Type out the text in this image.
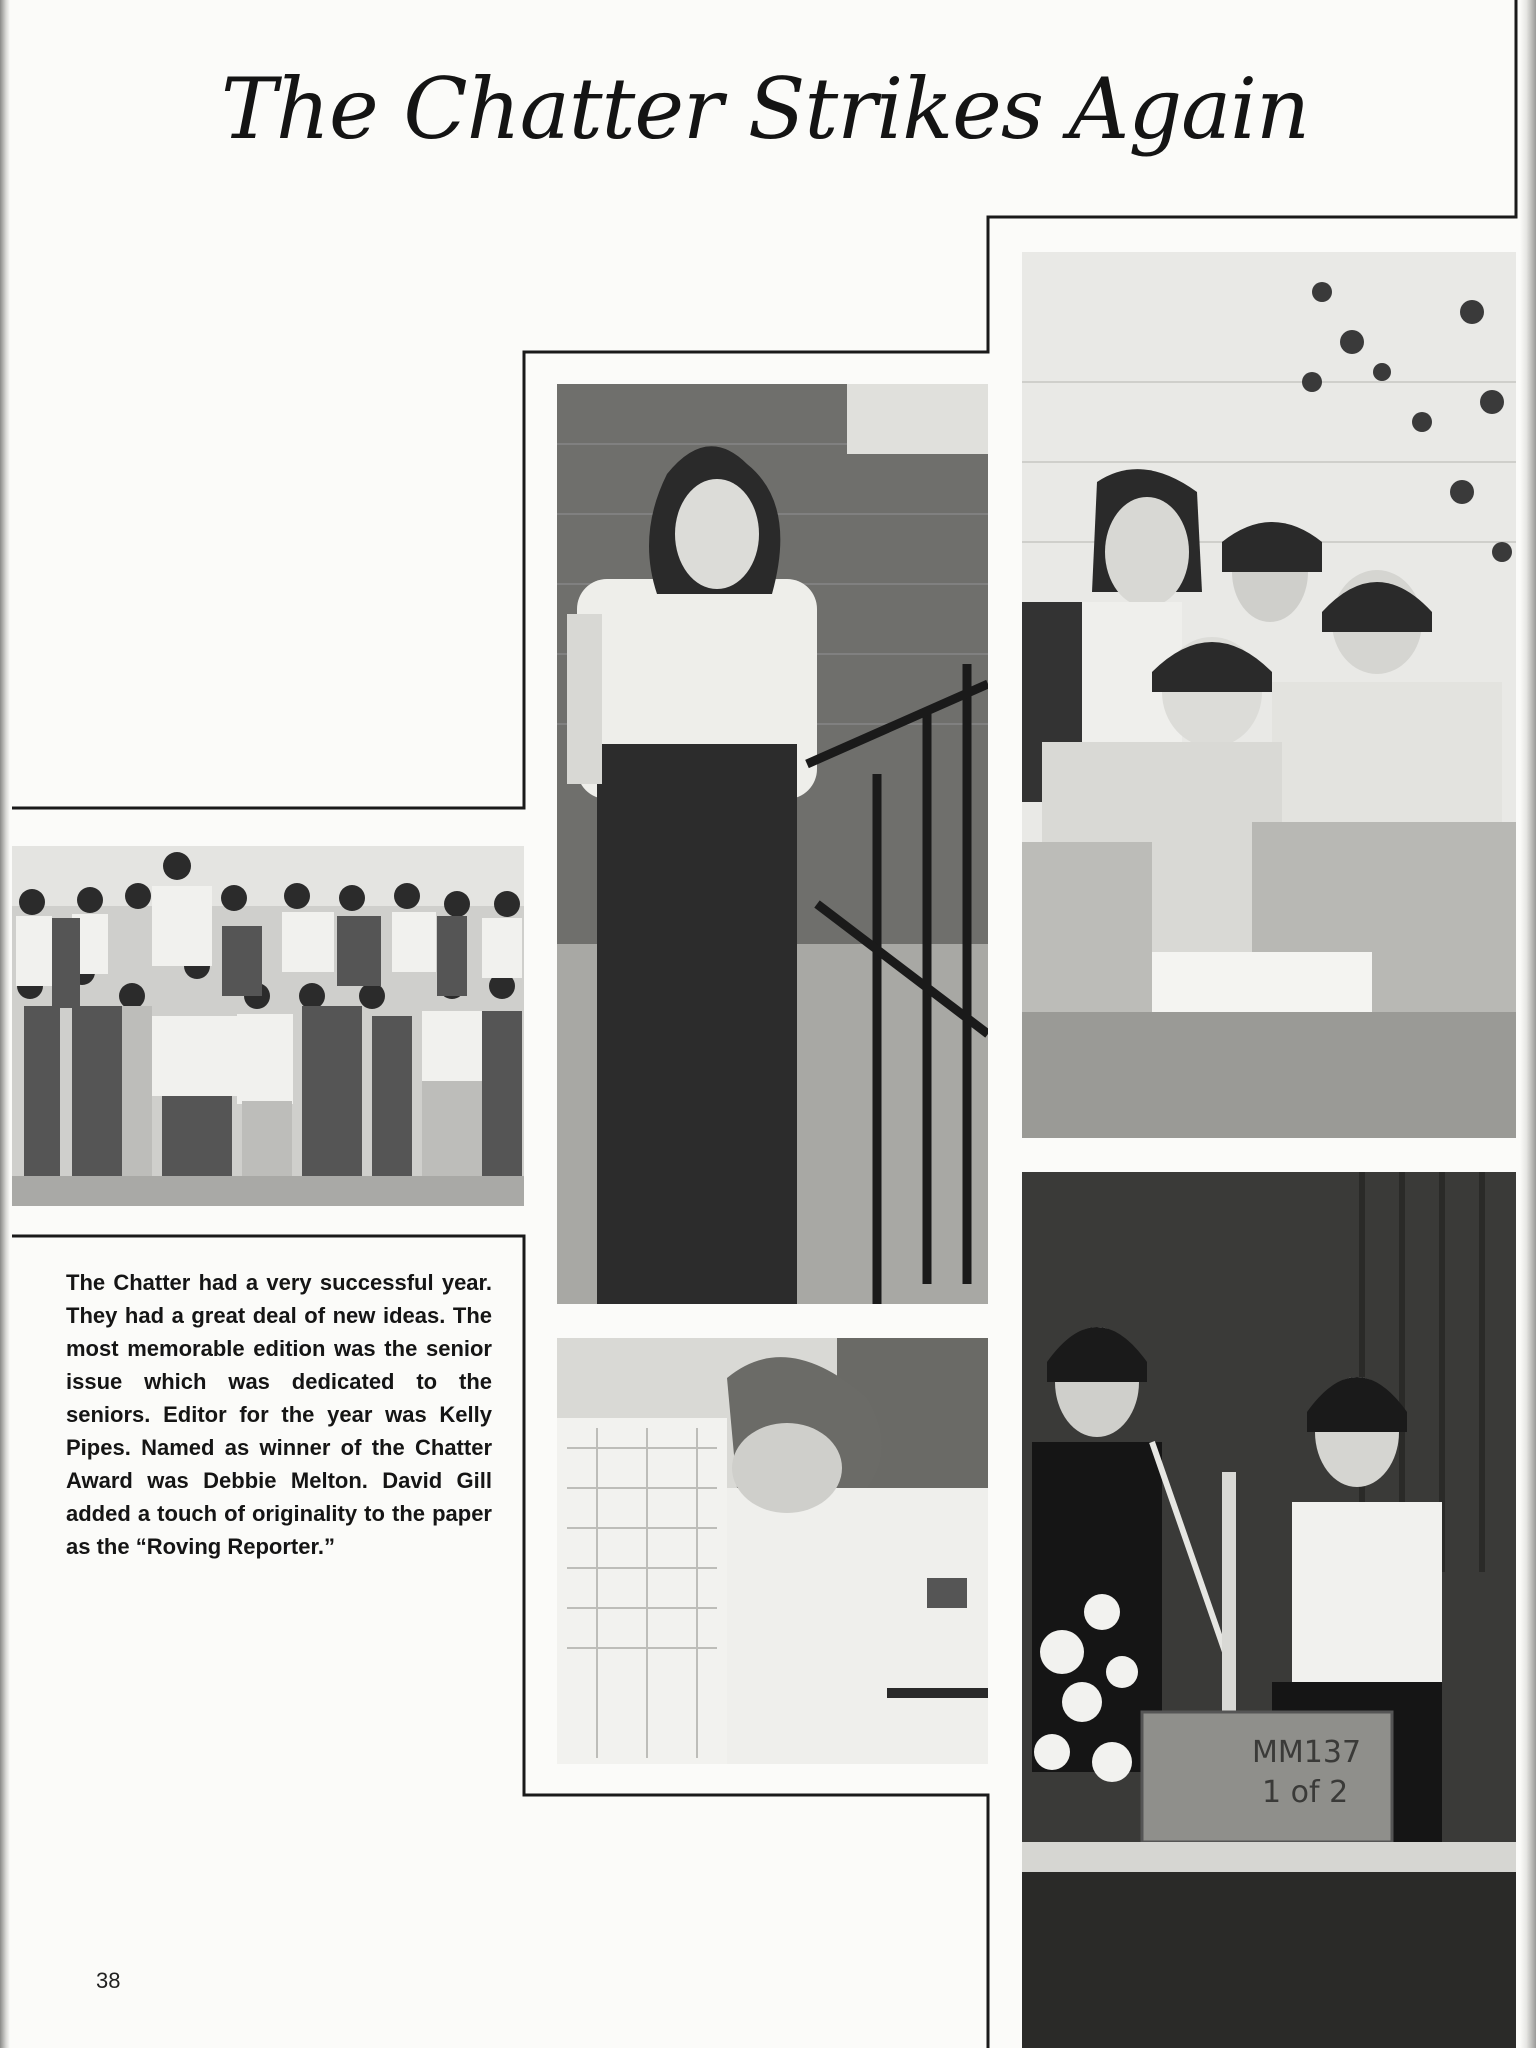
The Chatter Strikes Again
MM137
1 of 2

The Chatter had a very successful year. They had a great deal of new ideas. The most memorable edition was the senior issue which was dedicated to the seniors. Editor for the year was Kelly Pipes. Named as winner of the Chatter Award was Debbie Melton. David Gill added a touch of originality to the paper as the “Roving Reporter.”

38
